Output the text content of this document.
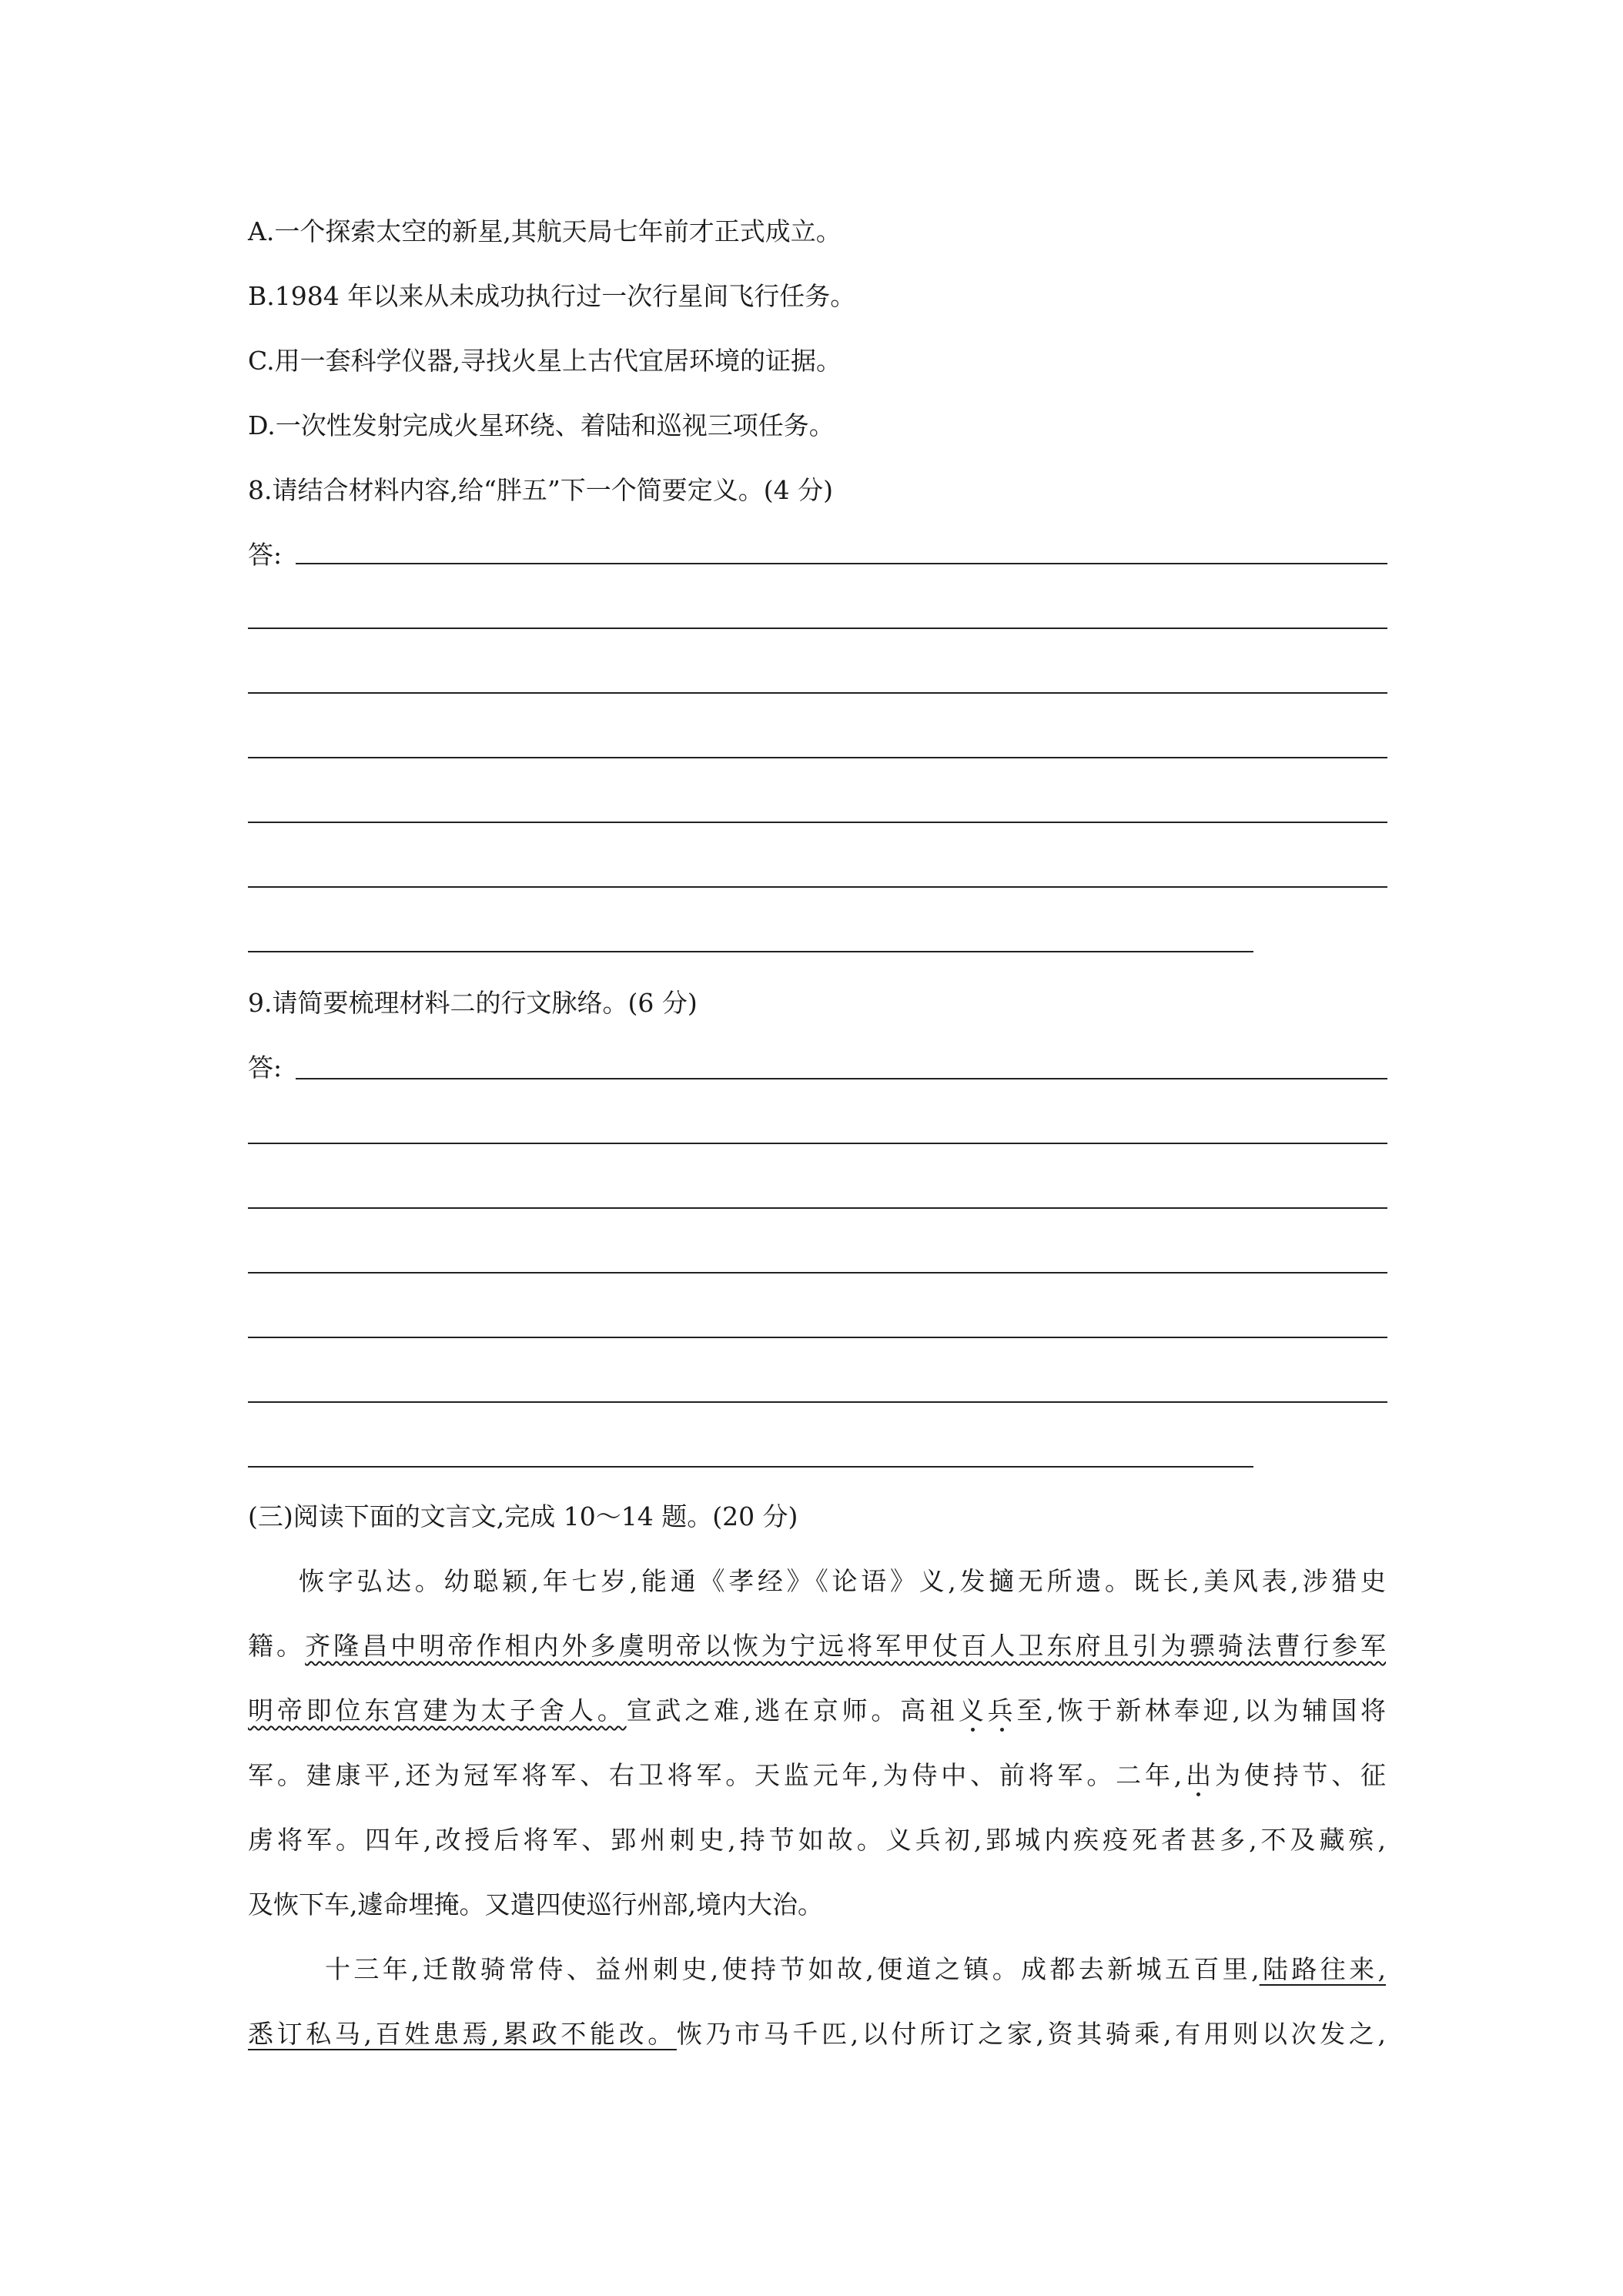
A.一个探索太空的新星,其航天局七年前才正式成立。
B.1984 年以来从未成功执行过一次行星间飞行任务。
C.用一套科学仪器,寻找火星上古代宜居环境的证据。
D.一次性发射完成火星环绕、着陆和巡视三项任务。
8.请结合材料内容,给“胖五”下一个简要定义。(4 分)
答:
9.请简要梳理材料二的行文脉络。(6 分)
答:
(三)阅读下面的文言文,完成 10～14 题。(20 分)
恢字弘达。幼聪颖,年七岁,能通《孝经》《论语》义,发擿无所遗。既长,美风表,涉猎史
籍。齐隆昌中明帝作相内外多虞明帝以恢为宁远将军甲仗百人卫东府且引为骠骑法曹行参军
明帝即位东宫建为太子舍人。宣武之难,逃在京师。高祖义兵至,恢于新林奉迎,以为辅国将
军。建康平,还为冠军将军、右卫将军。天监元年,为侍中、前将军。二年,出为使持节、征
虏将军。四年,改授后将军、郢州刺史,持节如故。义兵初,郢城内疾疫死者甚多,不及藏殡,
及恢下车,遽命埋掩。又遣四使巡行州部,境内大治。
十三年,迁散骑常侍、益州刺史,使持节如故,便道之镇。成都去新城五百里,陆路往来,
悉订私马,百姓患焉,累政不能改。恢乃市马千匹,以付所订之家,资其骑乘,有用则以次发之,
